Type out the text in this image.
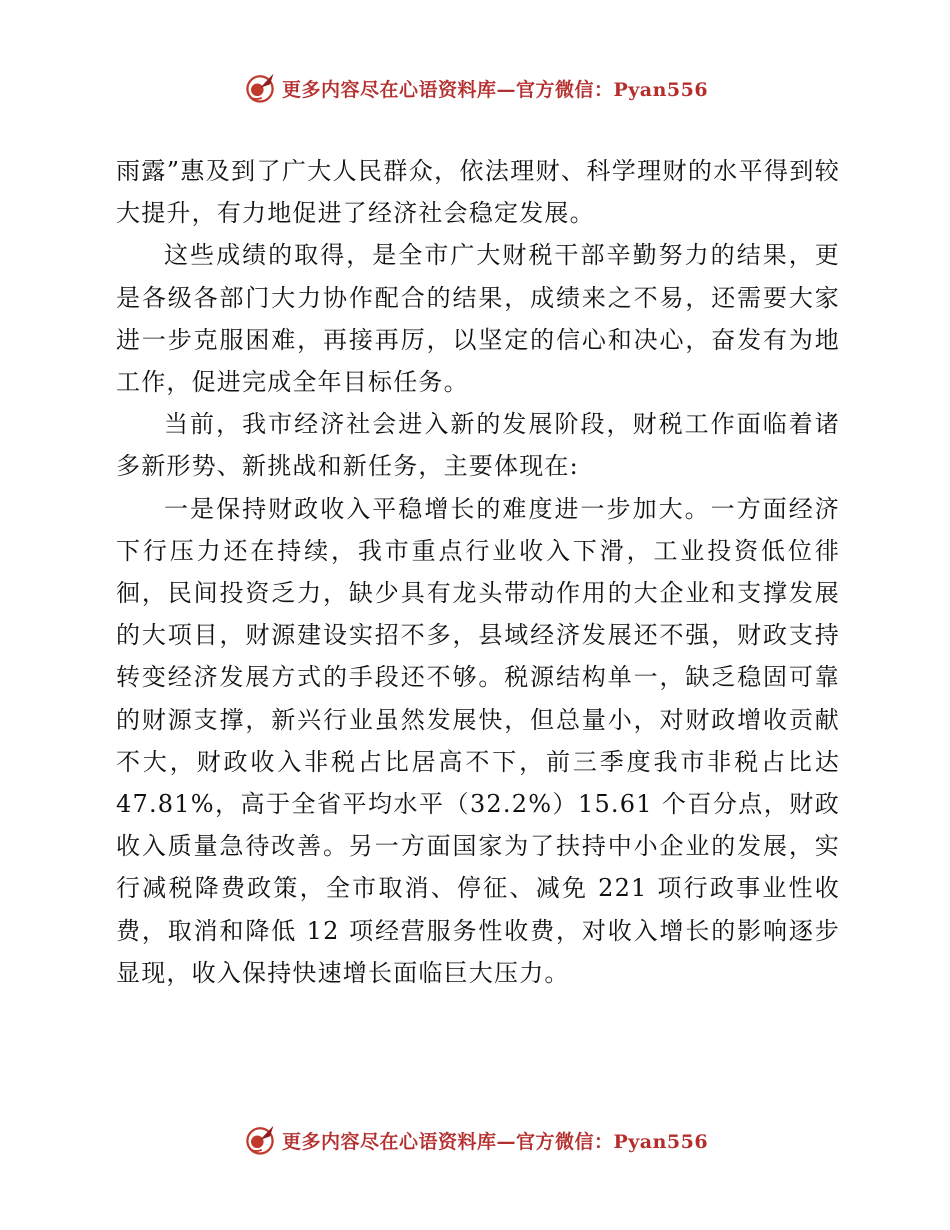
更多内容尽在心语资料库—官方微信：Pyan556

雨露”惠及到了广大人民群众，依法理财、科学理财的水平得到较大提升，有力地促进了经济社会稳定发展。

这些成绩的取得，是全市广大财税干部辛勤努力的结果，更是各级各部门大力协作配合的结果，成绩来之不易，还需要大家进一步克服困难，再接再厉，以坚定的信心和决心，奋发有为地工作，促进完成全年目标任务。

当前，我市经济社会进入新的发展阶段，财税工作面临着诸多新形势、新挑战和新任务，主要体现在:

一是保持财政收入平稳增长的难度进一步加大。一方面经济下行压力还在持续，我市重点行业收入下滑，工业投资低位徘徊，民间投资乏力，缺少具有龙头带动作用的大企业和支撑发展的大项目，财源建设实招不多，县域经济发展还不强，财政支持转变经济发展方式的手段还不够。税源结构单一，缺乏稳固可靠的财源支撑，新兴行业虽然发展快，但总量小，对财政增收贡献不大，财政收入非税占比居高不下，前三季度我市非税占比达 47.81%，高于全省平均水平（32.2%）15.61 个百分点，财政收入质量急待改善。另一方面国家为了扶持中小企业的发展，实行减税降费政策，全市取消、停征、减免 221 项行政事业性收费，取消和降低 12 项经营服务性收费，对收入增长的影响逐步显现，收入保持快速增长面临巨大压力。

更多内容尽在心语资料库—官方微信：Pyan556
